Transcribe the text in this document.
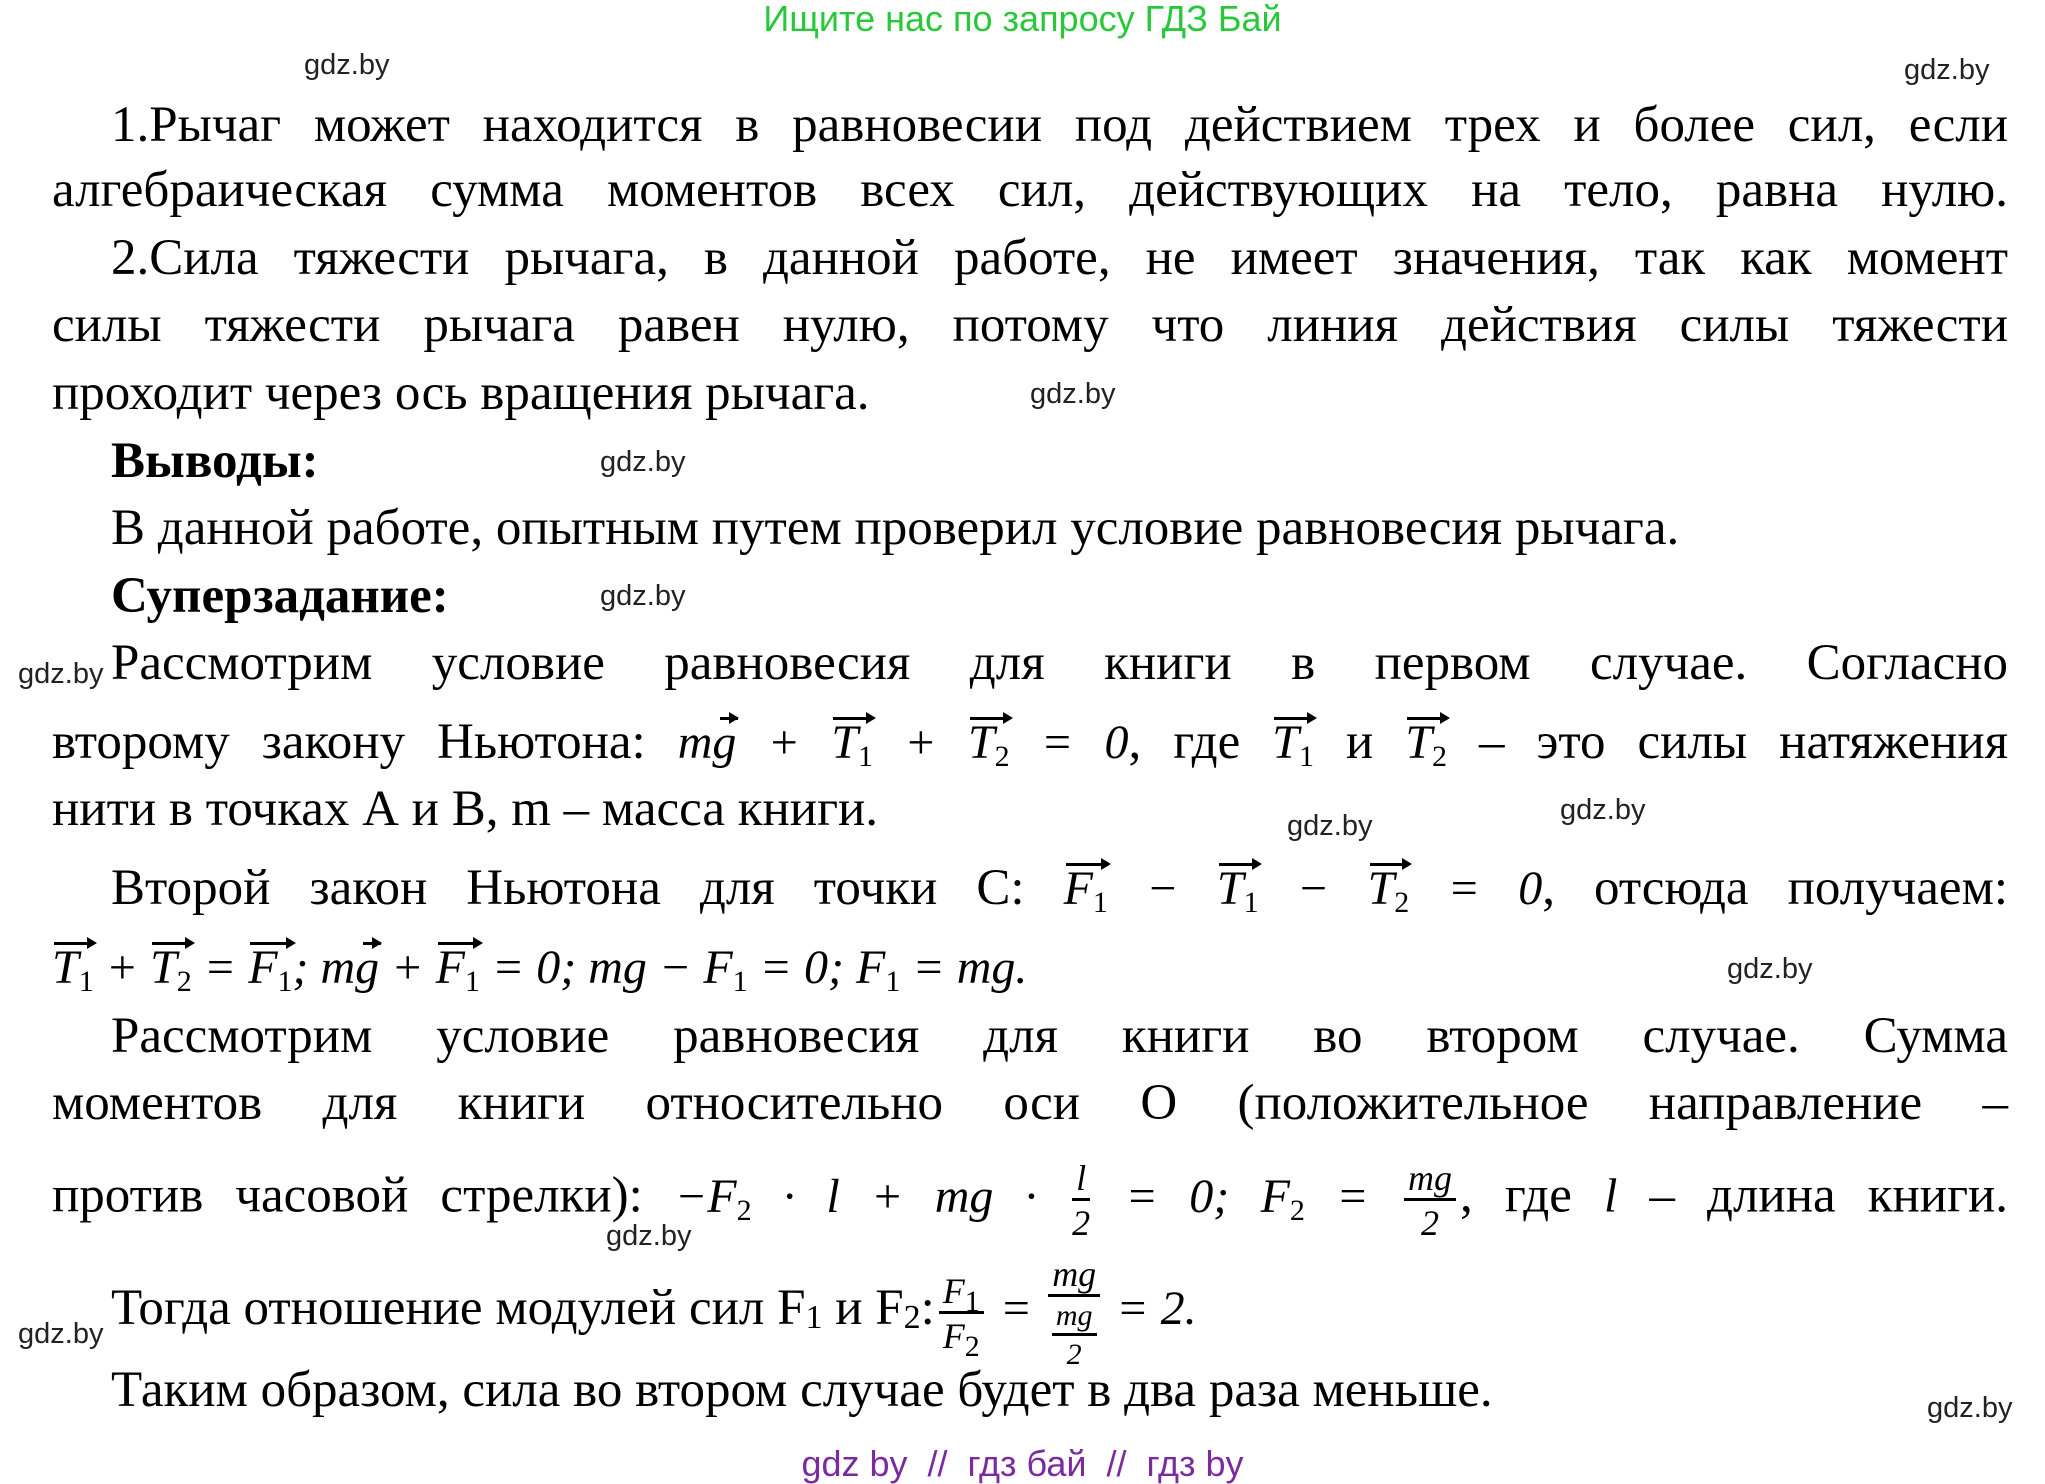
Ищите нас по запросу ГДЗ Бай
1.Рычаг может находится в равновесии под действием трех и более сил, если
алгебраическая сумма моментов всех сил, действующих на тело, равна нулю.
2.Сила тяжести рычага, в данной работе, не имеет значения, так как момент
силы тяжести рычага равен нулю, потому что линия действия силы тяжести
проходит через ось вращения рычага.
Выводы:
В данной работе, опытным путем проверил условие равновесия рычага.
Суперзадание:
Рассмотрим условие равновесия для книги в первом случае. Согласно
второму закону Ньютона: mg + $T_1 + T_2 = 0$, где $T_1$ и $T_2$ – это силы натяжения
нити в точках А и В, m – масса книги.
Второй закон Ньютона для точки С: $F_1 - T_1 - T_2 = 0$, отсюда получаем:
$T_1 + T_2 = F_1$; mg + $F_1 = 0$; mg − $F_1 = 0$; $F_1$ = mg.
Рассмотрим условие равновесия для книги во втором случае. Сумма
моментов для книги относительно оси О (положительное направление –
против часовой стрелки): $-F_2 \cdot l$ + mg · $\frac{l}{2} = 0$; $F_2 = \frac{mg}{2}$ , где l – длина книги.
Тогда отношение модулей сил F1 и F2: $\frac{F_1}{F_2} = \frac{mg}{\frac{mg}{2}} = 2$.
Таким образом, сила во втором случае будет в два раза меньше.
gdz.by	gdz.by
gdz.by
gdz.by
gdz.by
gdz.by
gdz.by
gdz.by
gdz.by
gdz.by
gdz.by
gdz.by
gdz by  //  гдз бай  //  гдз by
